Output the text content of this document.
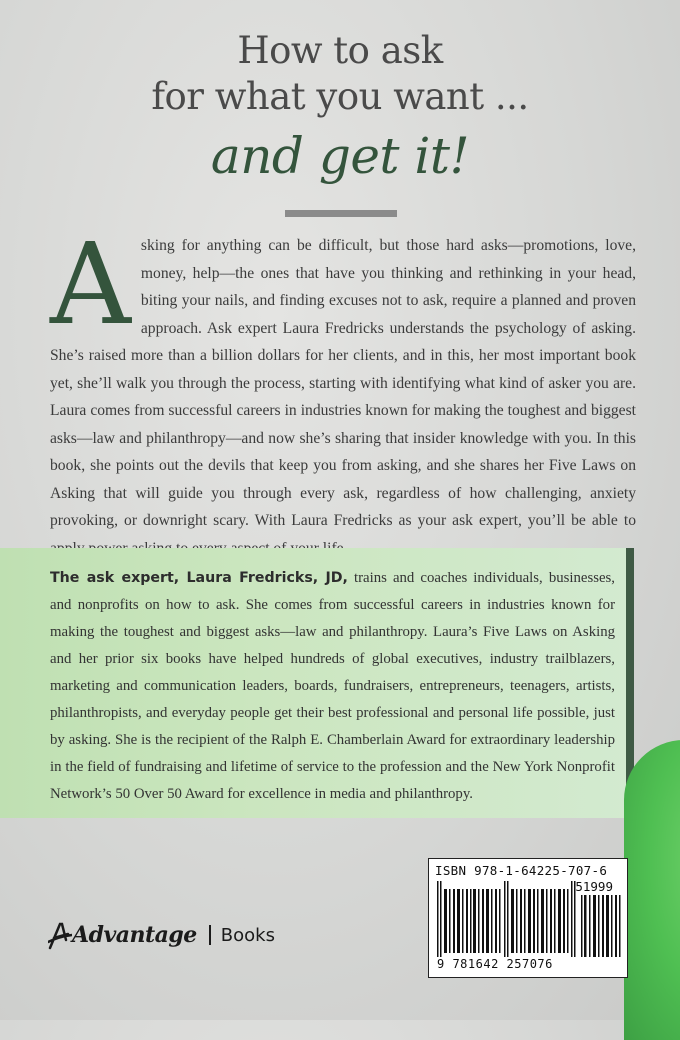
How to ask
for what you want ...
and get it!
A sking for anything can be difficult, but those hard asks—promotions, love, money, help—the ones that have you thinking and rethinking in your head, biting your nails, and finding excuses not to ask, require a planned and proven approach. Ask expert Laura Fredricks understands the psychology of asking. She’s raised more than a billion dollars for her clients, and in this, her most important book yet, she’ll walk you through the process, starting with identifying what kind of asker you are. Laura comes from successful careers in industries known for making the toughest and biggest asks—law and philanthropy—and now she’s sharing that insider knowledge with you. In this book, she points out the devils that keep you from asking, and she shares her Five Laws on Asking that will guide you through every ask, regardless of how challenging, anxiety provoking, or downright scary. With Laura Fredricks as your ask expert, you’ll be able to
The ask expert, Laura Fredricks, JD, trains and coaches individuals, businesses, and nonprofits on how to ask. She comes from successful careers in industries known for making the toughest and biggest asks—law and philanthropy. Laura’s Five Laws on Asking and her prior six books have helped hundreds of global executives, industry trailblazers, marketing and communication leaders, boards, fundraisers, entrepreneurs, teenagers, artists, philanthropists, and everyday people get their best professional and personal life possible, just by asking. She is the recipient of the Ralph E. Chamberlain Award for extraordinary leadership in the field of fundraising and lifetime of service to the profession and the New York Nonprofit Network’s 50 Over 50 Award for excellence in media and philanthropy.
ISBN 978-1-64225-707-6
51999
9 781642 257076
Advantage Books
